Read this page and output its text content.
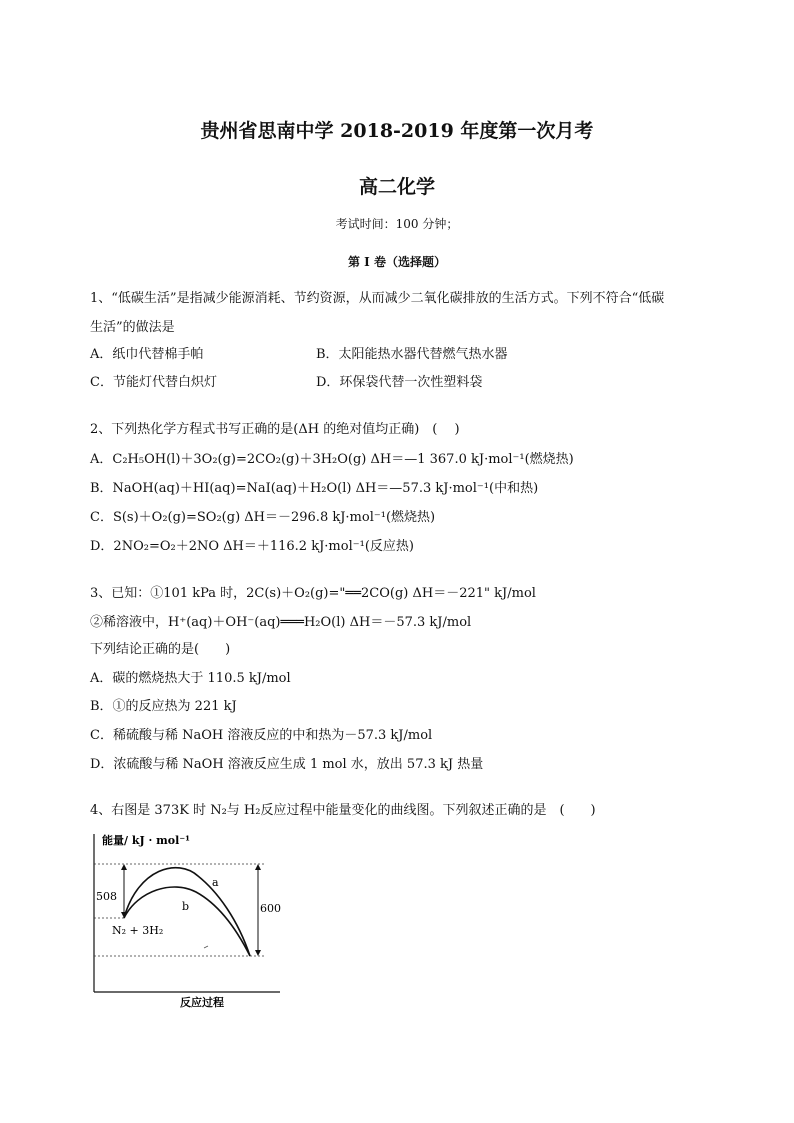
贵州省思南中学 2018-2019 年度第一次月考
高二化学
考试时间：100 分钟；
第 I 卷（选择题）
1、“低碳生活”是指减少能源消耗、节约资源，从而减少二氧化碳排放的生活方式。下列不符合“低碳
生活”的做法是
A．纸巾代替棉手帕	B．太阳能热水器代替燃气热水器
C．节能灯代替白炽灯	D．环保袋代替一次性塑料袋
2、下列热化学方程式书写正确的是(ΔH 的绝对值均正确)　(　 )
A．C₂H₅OH(l)＋3O₂(g)=2CO₂(g)＋3H₂O(g) ΔH＝—1 367.0 kJ·mol⁻¹(燃烧热)
B．NaOH(aq)＋HI(aq)=NaI(aq)＋H₂O(l) ΔH＝—57.3 kJ·mol⁻¹(中和热)
C．S(s)＋O₂(g)=SO₂(g) ΔH＝－296.8 kJ·mol⁻¹(燃烧热)
D．2NO₂=O₂＋2NO ΔH＝＋116.2 kJ·mol⁻¹(反应热)
3、已知：①101 kPa 时，2C(s)＋O₂(g)="══2CO(g) ΔH＝－221" kJ/mol
②稀溶液中，H⁺(aq)＋OH⁻(aq)═══H₂O(l) ΔH＝－57.3 kJ/mol
下列结论正确的是(　　)
A．碳的燃烧热大于 110.5 kJ/mol
B．①的反应热为 221 kJ
C．稀硫酸与稀 NaOH 溶液反应的中和热为－57.3 kJ/mol
D．浓硫酸与稀 NaOH 溶液反应生成 1 mol 水，放出 57.3 kJ 热量
4、右图是 373K 时 N₂与 H₂反应过程中能量变化的曲线图。下列叙述正确的是　(　　)
能量/ kJ · mol⁻¹
反应过程
508
600
a
b
N₂ + 3H₂
